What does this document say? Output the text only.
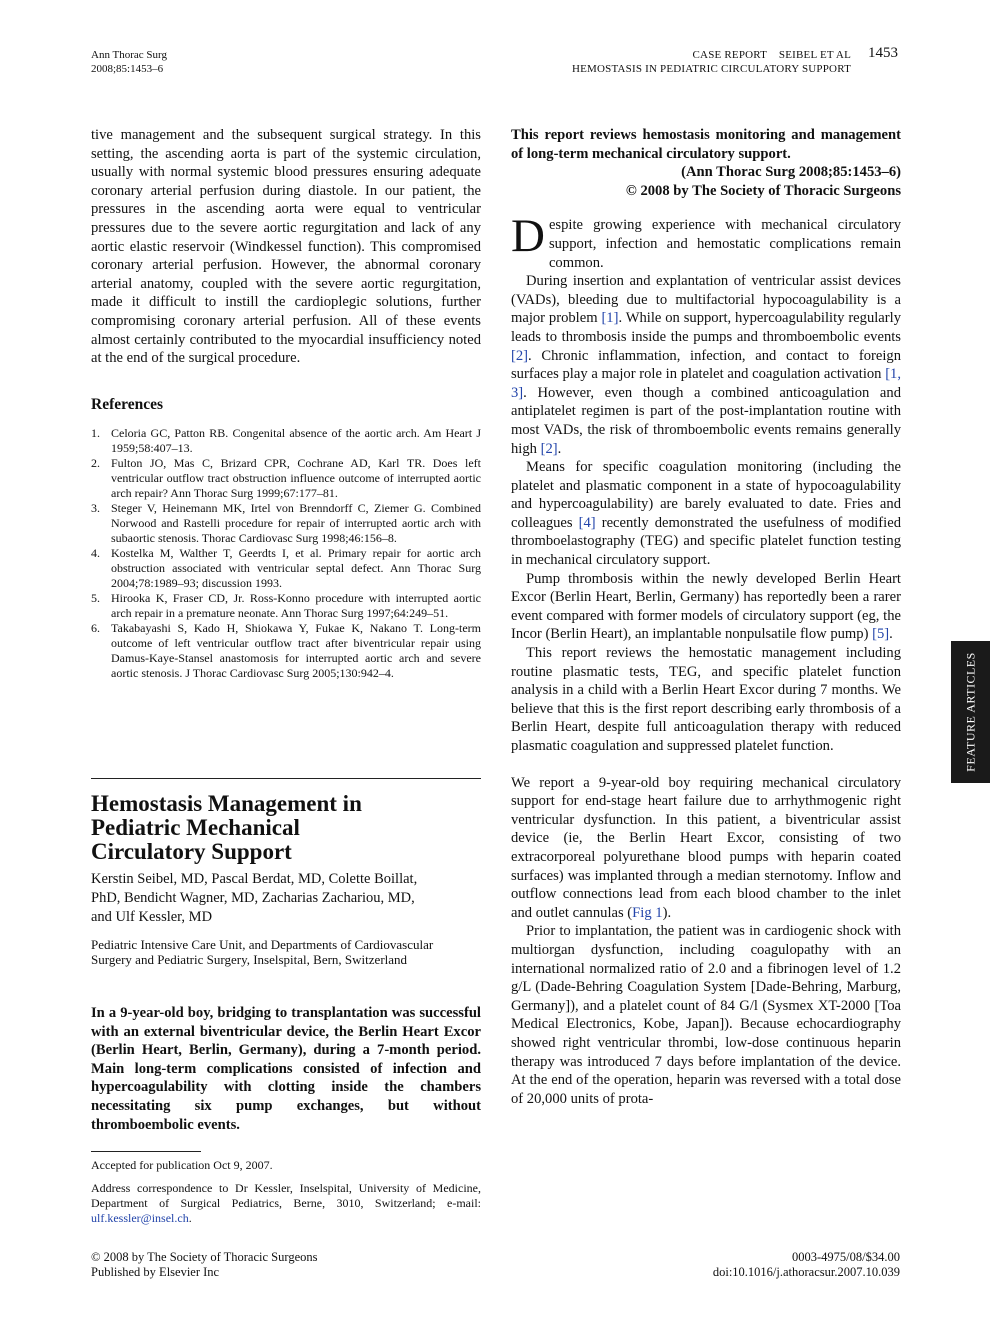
Ann Thorac Surg
2008;85:1453–6
CASE REPORT SEIBEL ET AL
HEMOSTASIS IN PEDIATRIC CIRCULATORY SUPPORT
1453

tive management and the subsequent surgical strategy. In this setting, the ascending aorta is part of the systemic circulation, usually with normal systemic blood pressures ensuring adequate coronary arterial perfusion during diastole. In our patient, the pressures in the ascending aorta were equal to ventricular pressures due to the severe aortic regurgitation and lack of any aortic elastic reservoir (Windkessel function). This compromised coronary arterial perfusion. However, the abnormal coronary arterial anatomy, coupled with the severe aortic regurgitation, made it difficult to instill the cardioplegic solutions, further compromising coronary arterial perfusion. All of these events almost certainly contributed to the myocardial insufficiency noted at the end of the surgical procedure.

References
1. Celoria GC, Patton RB. Congenital absence of the aortic arch. Am Heart J 1959;58:407–13.
2. Fulton JO, Mas C, Brizard CPR, Cochrane AD, Karl TR. Does left ventricular outflow tract obstruction influence outcome of interrupted aortic arch repair? Ann Thorac Surg 1999;67:177–81.
3. Steger V, Heinemann MK, Irtel von Brenndorff C, Ziemer G. Combined Norwood and Rastelli procedure for repair of interrupted aortic arch with subaortic stenosis. Thorac Cardiovasc Surg 1998;46:156–8.
4. Kostelka M, Walther T, Geerdts I, et al. Primary repair for aortic arch obstruction associated with ventricular septal defect. Ann Thorac Surg 2004;78:1989–93; discussion 1993.
5. Hirooka K, Fraser CD, Jr. Ross-Konno procedure with interrupted aortic arch repair in a premature neonate. Ann Thorac Surg 1997;64:249–51.
6. Takabayashi S, Kado H, Shiokawa Y, Fukae K, Nakano T. Long-term outcome of left ventricular outflow tract after biventricular repair using Damus-Kaye-Stansel anastomosis for interrupted aortic arch and severe aortic stenosis. J Thorac Cardiovasc Surg 2005;130:942–4.
Hemostasis Management in Pediatric Mechanical Circulatory Support

Kerstin Seibel, MD, Pascal Berdat, MD, Colette Boillat, PhD, Bendicht Wagner, MD, Zacharias Zachariou, MD, and Ulf Kessler, MD

Pediatric Intensive Care Unit, and Departments of Cardiovascular Surgery and Pediatric Surgery, Inselspital, Bern, Switzerland

In a 9-year-old boy, bridging to transplantation was successful with an external biventricular device, the Berlin Heart Excor (Berlin Heart, Berlin, Germany), during a 7-month period. Main long-term complications consisted of infection and hypercoagulability with clotting inside the chambers necessitating six pump exchanges, but without thromboembolic events.

Accepted for publication Oct 9, 2007.

Address correspondence to Dr Kessler, Inselspital, University of Medicine, Department of Surgical Pediatrics, Berne, 3010, Switzerland; e-mail: ulf.kessler@insel.ch.

This report reviews hemostasis monitoring and management of long-term mechanical circulatory support.

(Ann Thorac Surg 2008;85:1453–6)
© 2008 by The Society of Thoracic Surgeons

Despite growing experience with mechanical circulatory support, infection and hemostatic complications remain common.

During insertion and explantation of ventricular assist devices (VADs), bleeding due to multifactorial hypocoagulability is a major problem [1]. While on support, hypercoagulability regularly leads to thrombosis inside the pumps and thromboembolic events [2]. Chronic inflammation, infection, and contact to foreign surfaces play a major role in platelet and coagulation activation [1, 3]. However, even though a combined anticoagulation and antiplatelet regimen is part of the post-implantation routine with most VADs, the risk of thromboembolic events remains generally high [2].

Means for specific coagulation monitoring (including the platelet and plasmatic component in a state of hypocoagulability and hypercoagulability) are barely evaluated to date. Fries and colleagues [4] recently demonstrated the usefulness of modified thromboelastography (TEG) and specific platelet function testing in mechanical circulatory support.

Pump thrombosis within the newly developed Berlin Heart Excor (Berlin Heart, Berlin, Germany) has reportedly been a rarer event compared with former models of circulatory support (eg, the Incor (Berlin Heart), an implantable nonpulsatile flow pump) [5].

This report reviews the hemostatic management including routine plasmatic tests, TEG, and specific platelet function analysis in a child with a Berlin Heart Excor during 7 months. We believe that this is the first report describing early thrombosis of a Berlin Heart, despite full anticoagulation therapy with reduced plasmatic coagulation and suppressed platelet function.

We report a 9-year-old boy requiring mechanical circulatory support for end-stage heart failure due to arrhythmogenic right ventricular dysfunction. In this patient, a biventricular assist device (ie, the Berlin Heart Excor, consisting of two extracorporeal polyurethane blood pumps with heparin coated surfaces) was implanted through a median sternotomy. Inflow and outflow connections lead from each blood chamber to the inlet and outlet cannulas (Fig 1).

Prior to implantation, the patient was in cardiogenic shock with multiorgan dysfunction, including coagulopathy with an international normalized ratio of 2.0 and a fibrinogen level of 1.2 g/L (Dade-Behring Coagulation System [Dade-Behring, Marburg, Germany]), and a platelet count of 84 G/l (Sysmex XT-2000 [Toa Medical Electronics, Kobe, Japan]). Because echocardiography showed right ventricular thrombi, low-dose continuous heparin therapy was introduced 7 days before implantation of the device. At the end of the operation, heparin was reversed with a total dose of 20,000 units of prota-

FEATURE ARTICLES
© 2008 by The Society of Thoracic Surgeons
Published by Elsevier Inc
0003-4975/08/$34.00
doi:10.1016/j.athoracsur.2007.10.039
